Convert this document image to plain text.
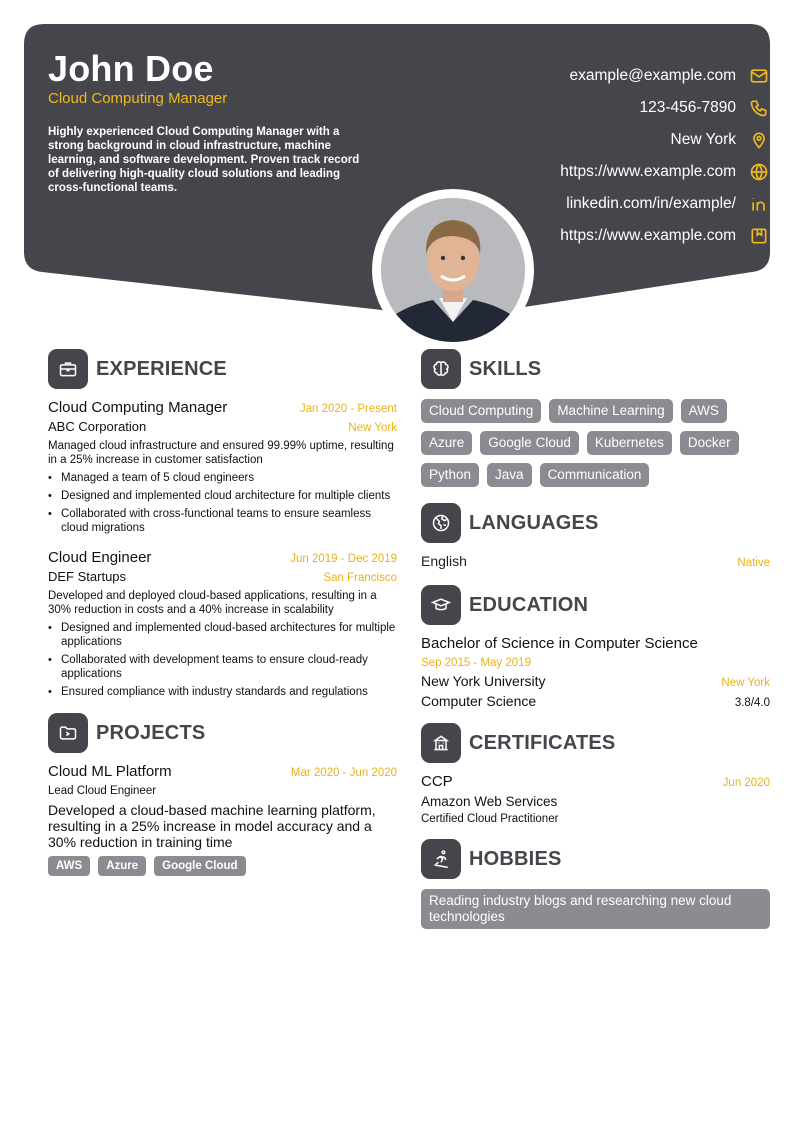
John Doe
Cloud Computing Manager
Highly experienced Cloud Computing Manager with a strong background in cloud infrastructure, machine learning, and software development. Proven track record of delivering high-quality cloud solutions and leading cross-functional teams.
example@example.com
123-456-7890
New York
https://www.example.com
linkedin.com/in/example/
https://www.example.com
EXPERIENCE
Cloud Computing Manager	Jan 2020 - Present
ABC Corporation	New York
Managed cloud infrastructure and ensured 99.99% uptime, resulting in a 25% increase in customer satisfaction
• Managed a team of 5 cloud engineers
• Designed and implemented cloud architecture for multiple clients
• Collaborated with cross-functional teams to ensure seamless cloud migrations
Cloud Engineer	Jun 2019 - Dec 2019
DEF Startups	San Francisco
Developed and deployed cloud-based applications, resulting in a 30% reduction in costs and a 40% increase in scalability
• Designed and implemented cloud-based architectures for multiple applications
• Collaborated with development teams to ensure cloud-ready applications
• Ensured compliance with industry standards and regulations
PROJECTS
Cloud ML Platform	Mar 2020 - Jun 2020
Lead Cloud Engineer
Developed a cloud-based machine learning platform, resulting in a 25% increase in model accuracy and a 30% reduction in training time
AWS	Azure	Google Cloud
SKILLS
Cloud Computing	Machine Learning	AWS
Azure	Google Cloud	Kubernetes	Docker
Python	Java	Communication
LANGUAGES
English	Native
EDUCATION
Bachelor of Science in Computer Science
Sep 2015 - May 2019
New York University	New York
Computer Science	3.8/4.0
CERTIFICATES
CCP	Jun 2020
Amazon Web Services
Certified Cloud Practitioner
HOBBIES
Reading industry blogs and researching new cloud technologies
